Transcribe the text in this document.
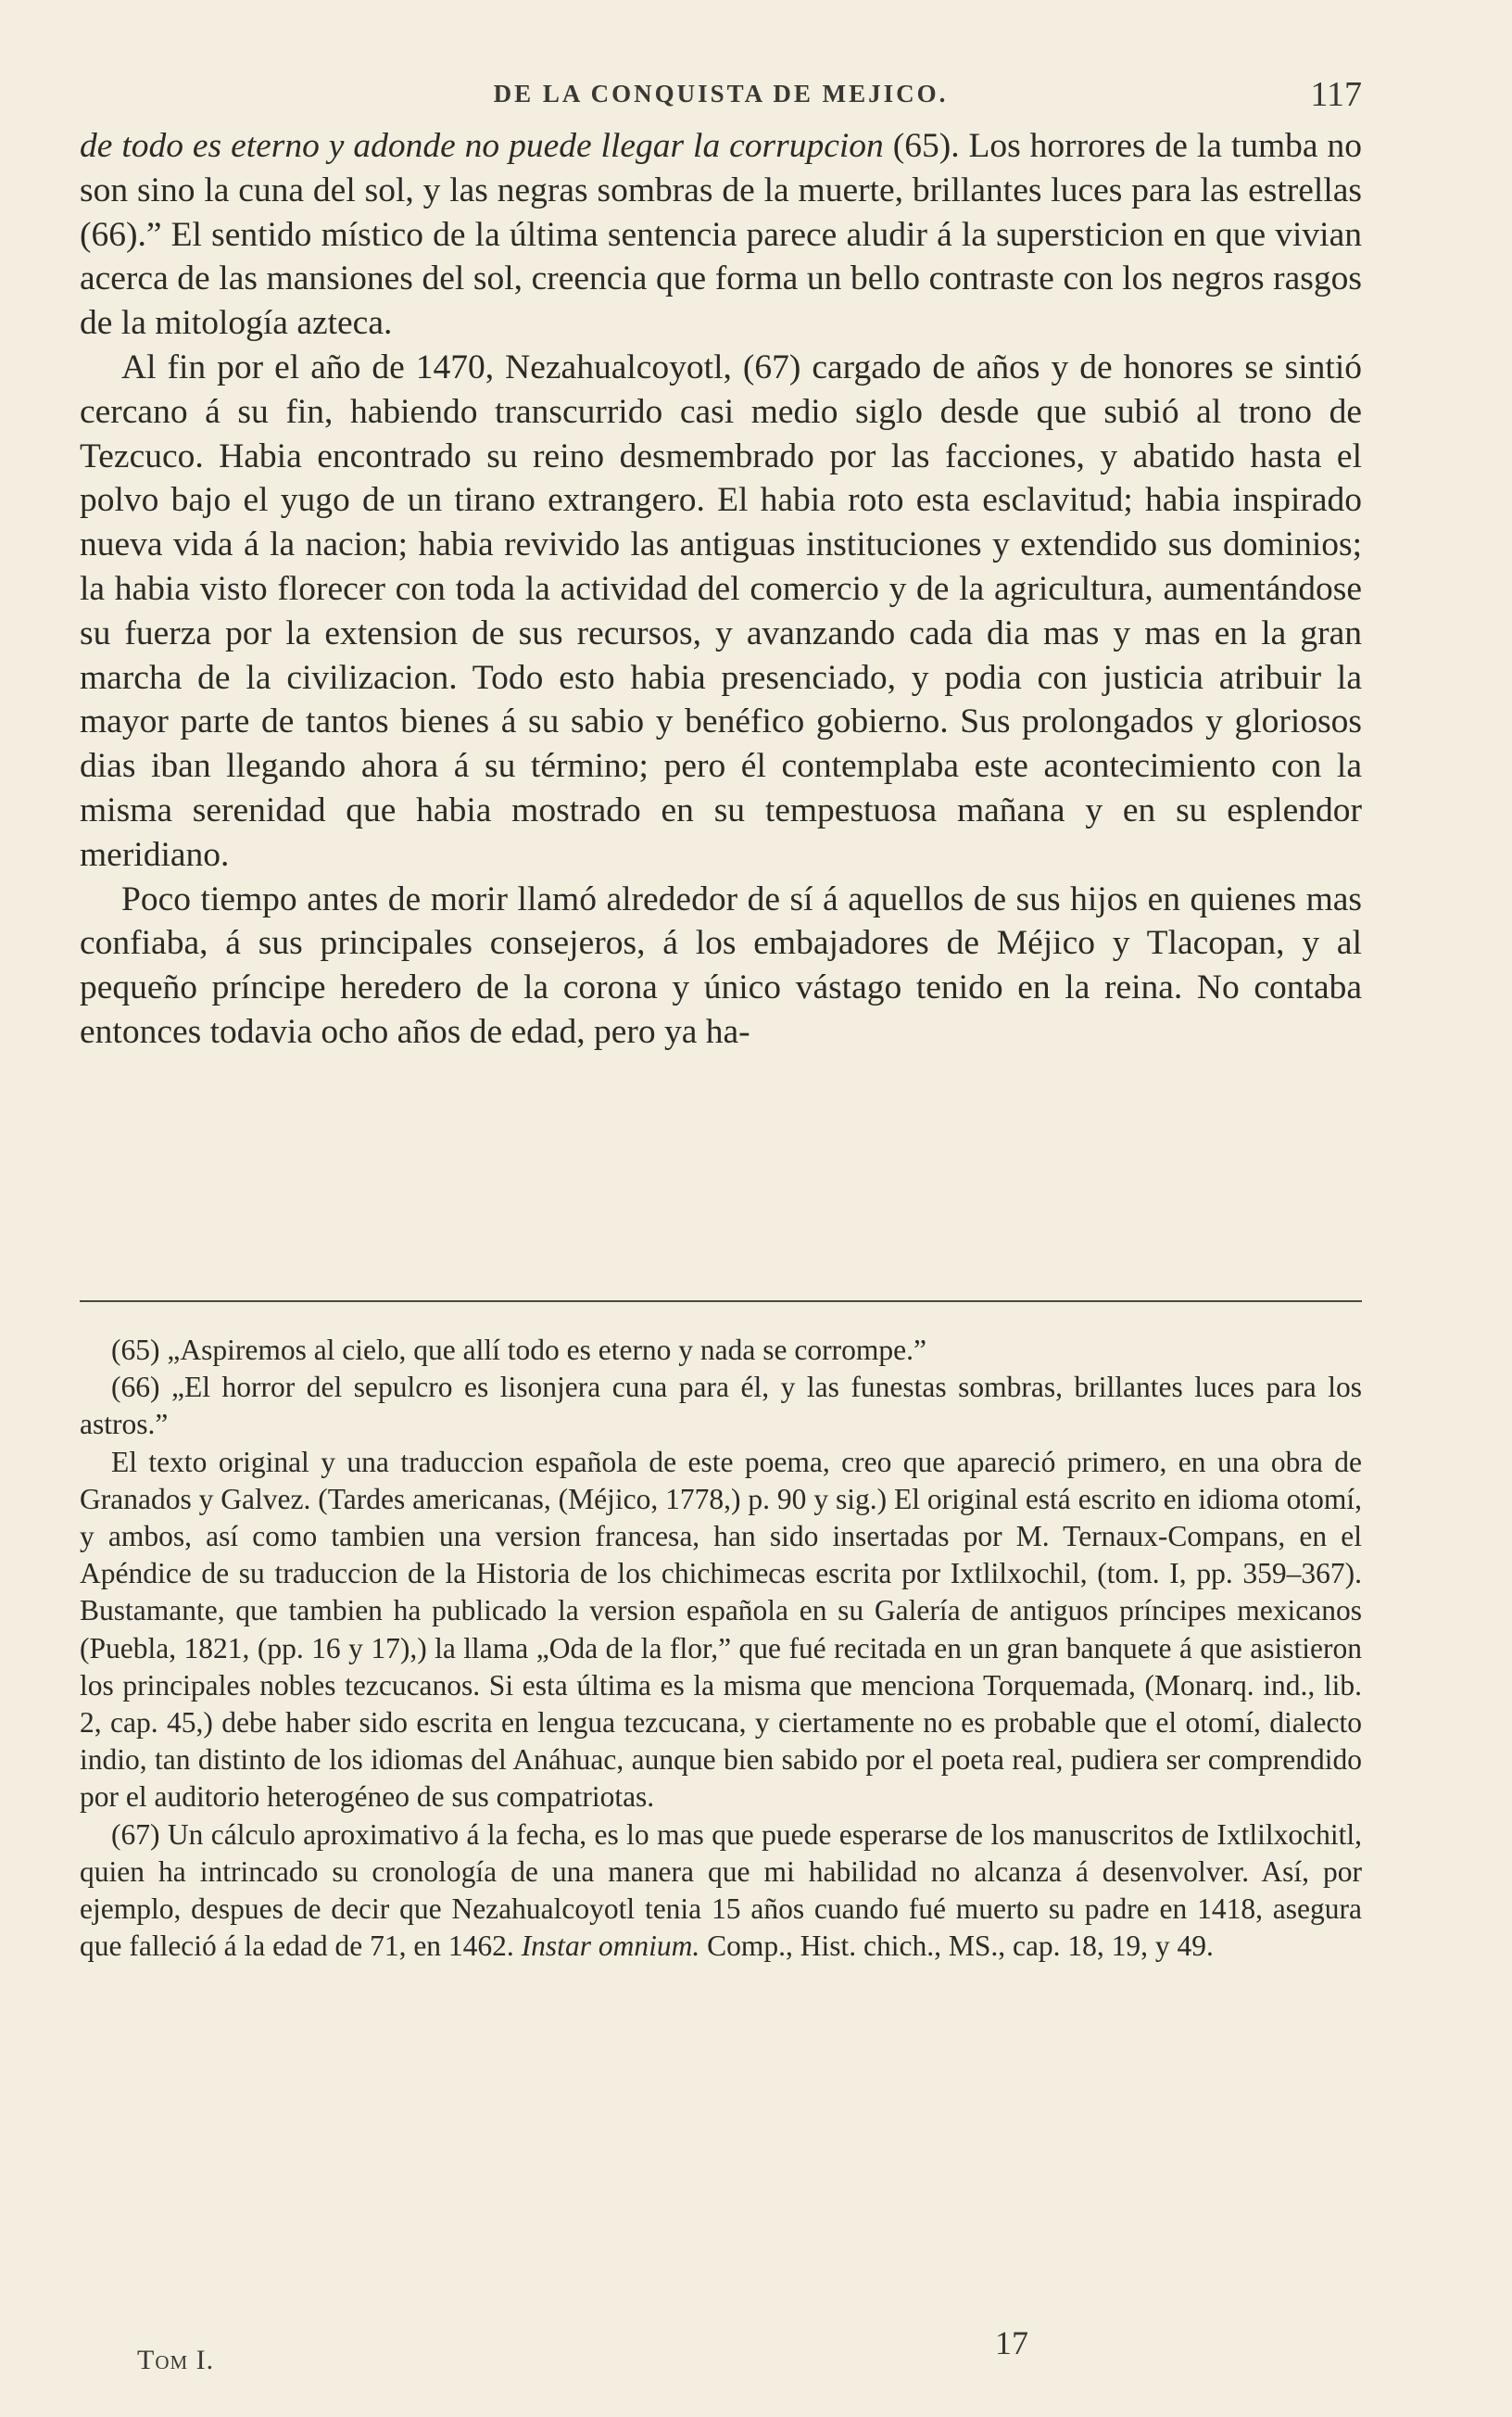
DE LA CONQUISTA DE MEJICO.	117

de todo es eterno y adonde no puede llegar la corrupcion (65). Los horrores de la tumba no son sino la cuna del sol, y las negras sombras de la muerte, brillantes luces para las estrellas (66).” El sentido místico de la última sentencia parece aludir á la supersticion en que vivian acerca de las mansiones del sol, creencia que forma un bello contraste con los negros rasgos de la mitología azteca.

Al fin por el año de 1470, Nezahualcoyotl, (67) cargado de años y de honores se sintió cercano á su fin, habiendo transcurrido casi medio siglo desde que subió al trono de Tezcuco. Habia encontrado su reino desmembrado por las facciones, y abatido hasta el polvo bajo el yugo de un tirano extrangero. El habia roto esta esclavitud; habia inspirado nueva vida á la nacion; habia revivido las antiguas instituciones y extendido sus dominios; la habia visto florecer con toda la actividad del comercio y de la agricultura, aumentándose su fuerza por la extension de sus recursos, y avanzando cada dia mas y mas en la gran marcha de la civilizacion. Todo esto habia presenciado, y podia con justicia atribuir la mayor parte de tantos bienes á su sabio y benéfico gobierno. Sus prolongados y gloriosos dias iban llegando ahora á su término; pero él contemplaba este acontecimiento con la misma serenidad que habia mostrado en su tempestuosa mañana y en su esplendor meridiano.

Poco tiempo antes de morir llamó alrededor de sí á aquellos de sus hijos en quienes mas confiaba, á sus principales consejeros, á los embajadores de Méjico y Tlacopan, y al pequeño príncipe heredero de la corona y único vástago tenido en la reina. No contaba entonces todavia ocho años de edad, pero ya ha-

(65) „Aspiremos al cielo, que allí todo es eterno y nada se corrompe.”

(66) „El horror del sepulcro es lisonjera cuna para él, y las funestas sombras, brillantes luces para los astros.”

El texto original y una traduccion española de este poema, creo que apareció primero, en una obra de Granados y Galvez. (Tardes americanas, (Méjico, 1778,) p. 90 y sig.) El original está escrito en idioma otomí, y ambos, así como tambien una version francesa, han sido insertadas por M. Ternaux-Compans, en el Apéndice de su traduccion de la Historia de los chichimecas escrita por Ixtlilxochil, (tom. I, pp. 359–367). Bustamante, que tambien ha publicado la version española en su Galería de antiguos príncipes mexicanos (Puebla, 1821, (pp. 16 y 17),) la llama „Oda de la flor,” que fué recitada en un gran banquete á que asistieron los principales nobles tezcucanos. Si esta última es la misma que menciona Torquemada, (Monarq. ind., lib. 2, cap. 45,) debe haber sido escrita en lengua tezcucana, y ciertamente no es probable que el otomí, dialecto indio, tan distinto de los idiomas del Anáhuac, aunque bien sabido por el poeta real, pudiera ser comprendido por el auditorio heterogéneo de sus compatriotas.

(67) Un cálculo aproximativo á la fecha, es lo mas que puede esperarse de los manuscritos de Ixtlilxochitl, quien ha intrincado su cronología de una manera que mi habilidad no alcanza á desenvolver. Así, por ejemplo, despues de decir que Nezahualcoyotl tenia 15 años cuando fué muerto su padre en 1418, asegura que falleció á la edad de 71, en 1462. Instar omnium. Comp., Hist. chich., MS., cap. 18, 19, y 49.

Tom I.	17
